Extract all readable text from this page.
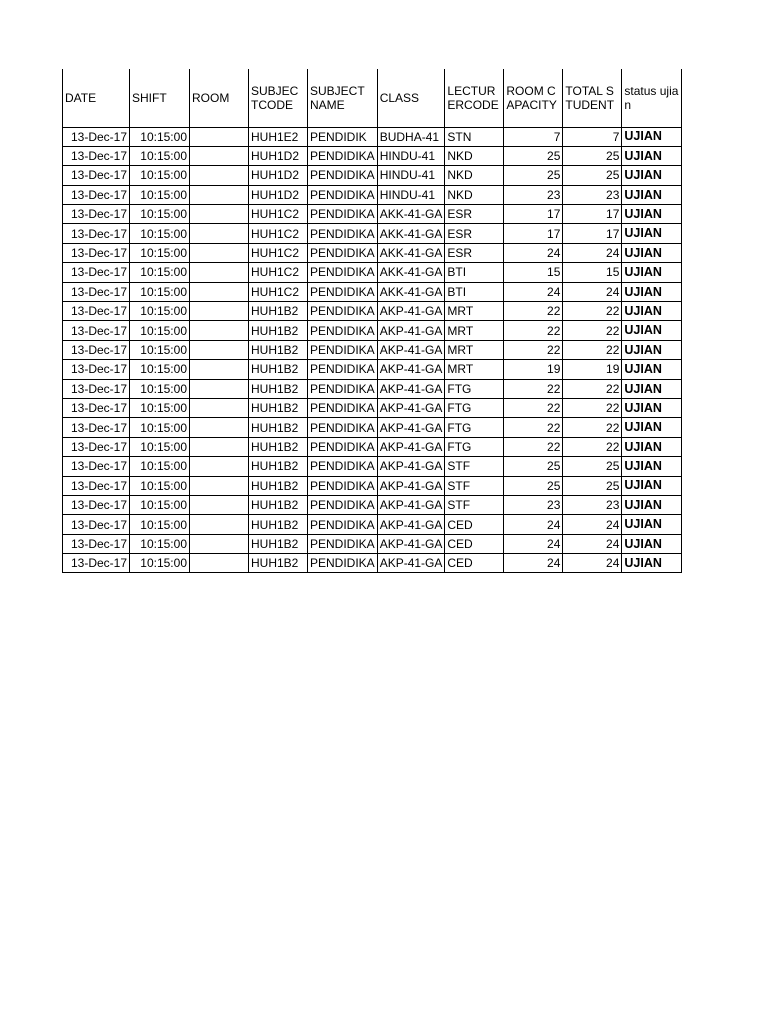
DATE	SHIFT	ROOM	SUBJECTCODE	SUBJECT NAME	CLASS	LECTURERCODE	ROOM CAPACITY	TOTAL STUDENT	status ujian
13-Dec-17	10:15:00		HUH1E2	PENDIDIK	BUDHA-41	STN	7	7	UJIAN
13-Dec-17	10:15:00		HUH1D2	PENDIDIKA	HINDU-41	NKD	25	25	UJIAN
13-Dec-17	10:15:00		HUH1D2	PENDIDIKA	HINDU-41	NKD	25	25	UJIAN
13-Dec-17	10:15:00		HUH1D2	PENDIDIKA	HINDU-41	NKD	23	23	UJIAN
13-Dec-17	10:15:00		HUH1C2	PENDIDIKA	AKK-41-GA	ESR	17	17	UJIAN
13-Dec-17	10:15:00		HUH1C2	PENDIDIKA	AKK-41-GA	ESR	17	17	UJIAN
13-Dec-17	10:15:00		HUH1C2	PENDIDIKA	AKK-41-GA	ESR	24	24	UJIAN
13-Dec-17	10:15:00		HUH1C2	PENDIDIKA	AKK-41-GA	BTI	15	15	UJIAN
13-Dec-17	10:15:00		HUH1C2	PENDIDIKA	AKK-41-GA	BTI	24	24	UJIAN
13-Dec-17	10:15:00		HUH1B2	PENDIDIKA	AKP-41-GA	MRT	22	22	UJIAN
13-Dec-17	10:15:00		HUH1B2	PENDIDIKA	AKP-41-GA	MRT	22	22	UJIAN
13-Dec-17	10:15:00		HUH1B2	PENDIDIKA	AKP-41-GA	MRT	22	22	UJIAN
13-Dec-17	10:15:00		HUH1B2	PENDIDIKA	AKP-41-GA	MRT	19	19	UJIAN
13-Dec-17	10:15:00		HUH1B2	PENDIDIKA	AKP-41-GA	FTG	22	22	UJIAN
13-Dec-17	10:15:00		HUH1B2	PENDIDIKA	AKP-41-GA	FTG	22	22	UJIAN
13-Dec-17	10:15:00		HUH1B2	PENDIDIKA	AKP-41-GA	FTG	22	22	UJIAN
13-Dec-17	10:15:00		HUH1B2	PENDIDIKA	AKP-41-GA	FTG	22	22	UJIAN
13-Dec-17	10:15:00		HUH1B2	PENDIDIKA	AKP-41-GA	STF	25	25	UJIAN
13-Dec-17	10:15:00		HUH1B2	PENDIDIKA	AKP-41-GA	STF	25	25	UJIAN
13-Dec-17	10:15:00		HUH1B2	PENDIDIKA	AKP-41-GA	STF	23	23	UJIAN
13-Dec-17	10:15:00		HUH1B2	PENDIDIKA	AKP-41-GA	CED	24	24	UJIAN
13-Dec-17	10:15:00		HUH1B2	PENDIDIKA	AKP-41-GA	CED	24	24	UJIAN
13-Dec-17	10:15:00		HUH1B2	PENDIDIKA	AKP-41-GA	CED	24	24	UJIAN
